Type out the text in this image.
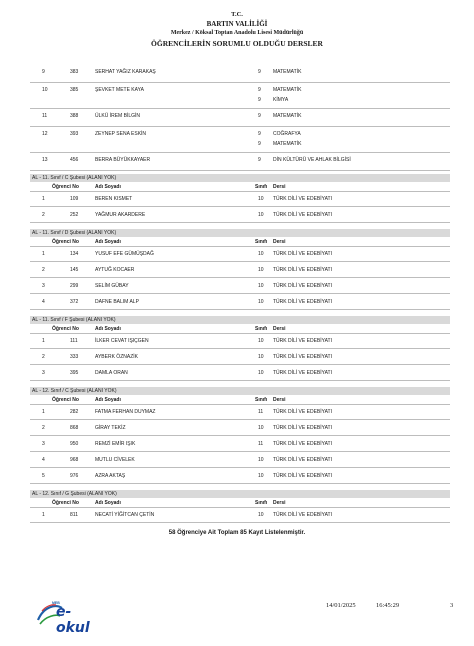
T.C.
BARTIN VALİLİĞİ
Merkez / Köksal Toptan Anadolu Lisesi Müdürlüğü
ÖĞRENCİLERİN SORUMLU OLDUĞU DERSLER
9	383	SERHAT YAĞIZ KARAKAŞ	9 MATEMATİK
10	385	ŞEVKET METE KAYA	9 MATEMATİK
9 KİMYA
11	388	ÜLKÜ İREM BİLGİN	9 MATEMATİK
12	393	ZEYNEP SENA ESKİN	9 COĞRAFYA
9 MATEMATİK
13	456	BERRA BÜYÜKKAYAER	9 DİN KÜLTÜRÜ VE AHLAK BİLGİSİ
AL - 11. Sınıf / C Şubesi (ALANI YOK)
Öğrenci No	Adı Soyadı	Sınıfı Dersi
1	109	BEREN KISMET	10 TÜRK DİLİ VE EDEBİYATI
2	252	YAĞMUR AKARDERE	10 TÜRK DİLİ VE EDEBİYATI
AL - 11. Sınıf / D Şubesi (ALANI YOK)
Öğrenci No	Adı Soyadı	Sınıfı Dersi
1	134	YUSUF EFE GÜMÜŞDAĞ	10 TÜRK DİLİ VE EDEBİYATI
2	145	AYTUĞ KOCAER	10 TÜRK DİLİ VE EDEBİYATI
3	299	SELİM GÜBAY	10 TÜRK DİLİ VE EDEBİYATI
4	372	DAFNE BALIM ALP	10 TÜRK DİLİ VE EDEBİYATI
AL - 11. Sınıf / F Şubesi (ALANI YOK)
Öğrenci No	Adı Soyadı	Sınıfı Dersi
1	111	İLKER CEVAT IŞIÇGEN	10 TÜRK DİLİ VE EDEBİYATI
2	333	AYBERK ÖZNAZİK	10 TÜRK DİLİ VE EDEBİYATI
3	395	DAMLA ORAN	10 TÜRK DİLİ VE EDEBİYATI
AL - 12. Sınıf / C Şubesi (ALANI YOK)
Öğrenci No	Adı Soyadı	Sınıfı Dersi
1	282	FATMA FERHAN DUYMAZ	11 TÜRK DİLİ VE EDEBİYATI
2	868	GİRAY TEKİZ	10 TÜRK DİLİ VE EDEBİYATI
3	950	REMZİ EMİR IŞIK	11 TÜRK DİLİ VE EDEBİYATI
4	968	MUTLU CİVELEK	10 TÜRK DİLİ VE EDEBİYATI
5	976	AZRA AKTAŞ	10 TÜRK DİLİ VE EDEBİYATI
AL - 12. Sınıf / G Şubesi (ALANI YOK)
Öğrenci No	Adı Soyadı	Sınıfı Dersi
1	811	NECATİ YİĞİTCAN ÇETİN	10 TÜRK DİLİ VE EDEBİYATI
58 Öğrenciye Ait Toplam 85 Kayıt Listelenmiştir.
MEB
e-okul
14/01/2025	16:45:29	3
